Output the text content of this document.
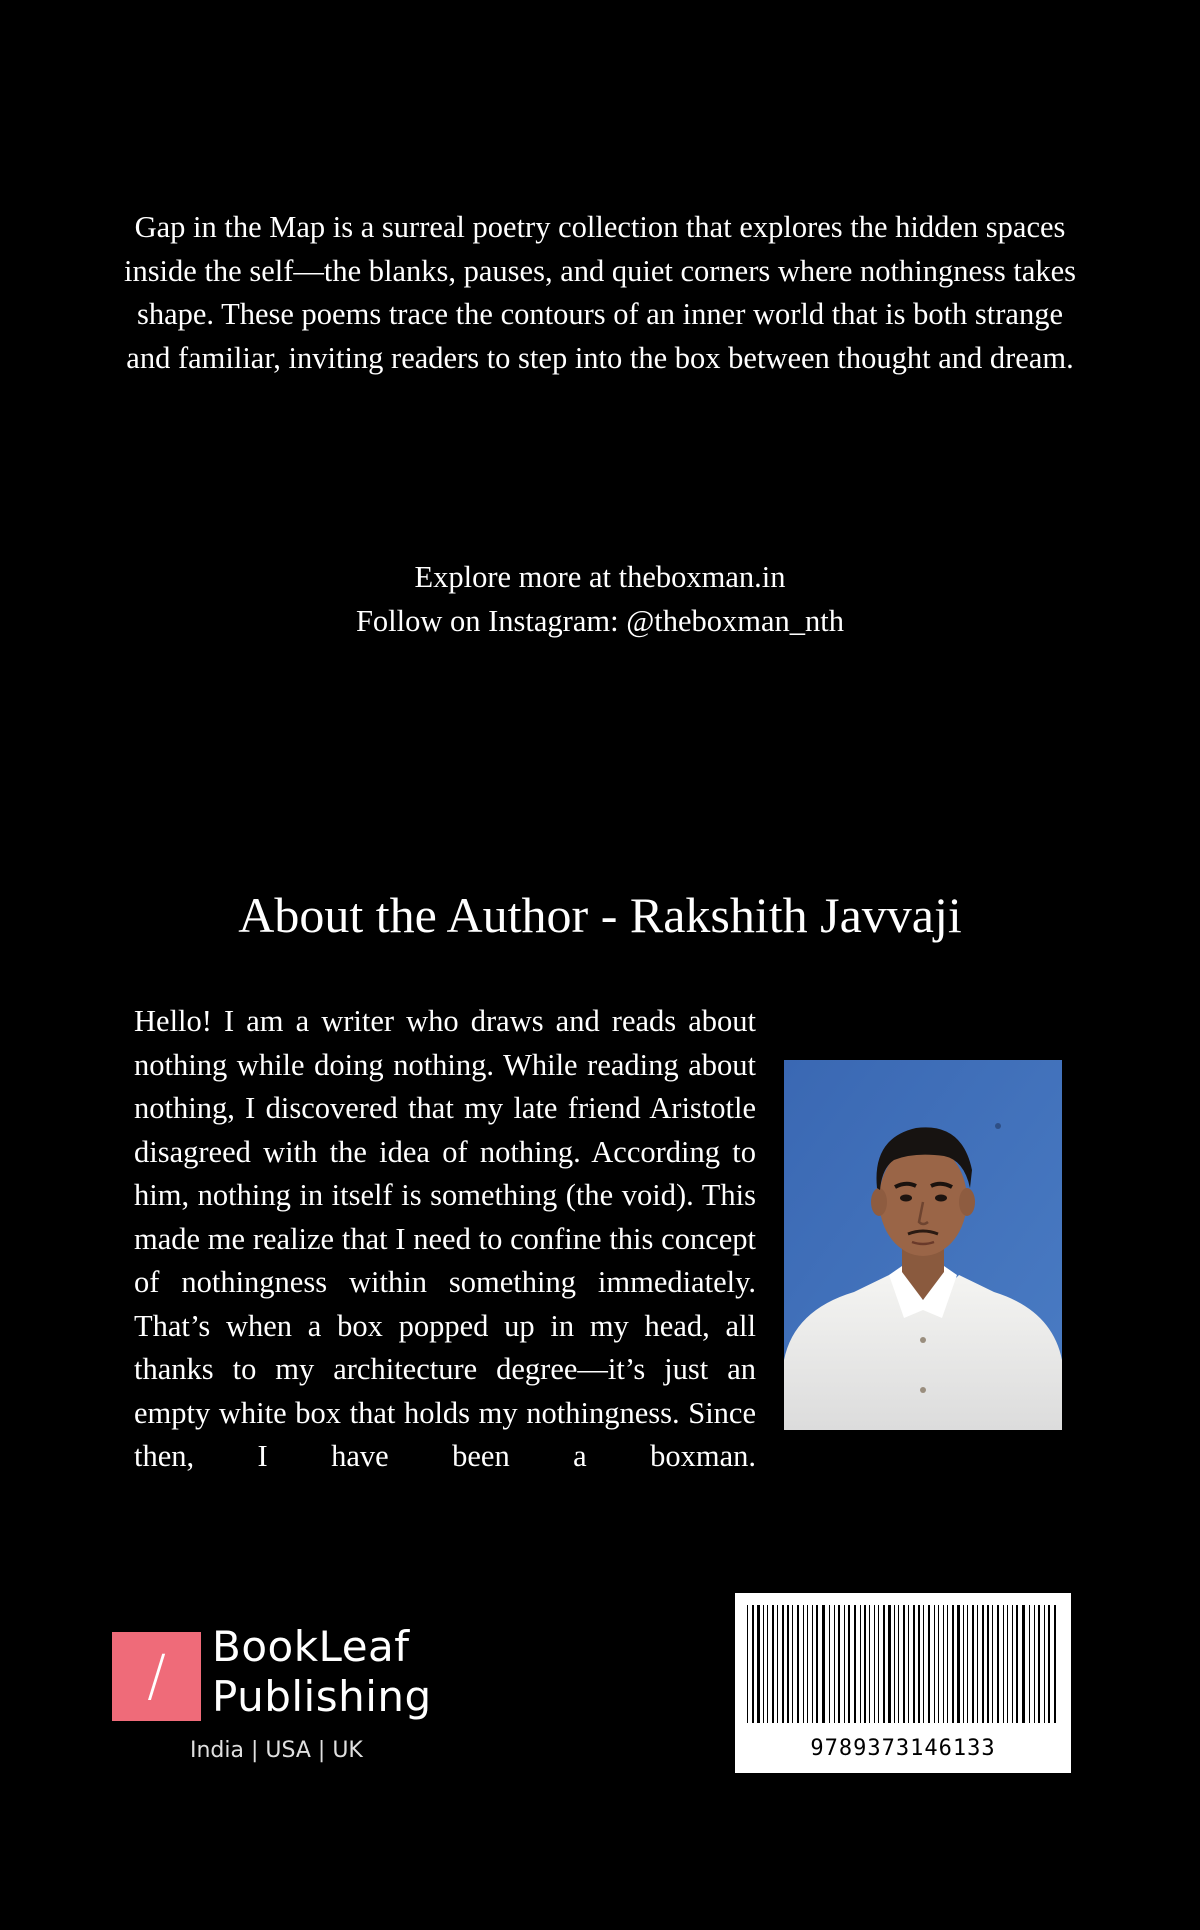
Gap in the Map is a surreal poetry collection that explores the hidden spaces inside the self—the blanks, pauses, and quiet corners where nothingness takes shape. These poems trace the contours of an inner world that is both strange and familiar, inviting readers to step into the box between thought and dream.

Explore more at theboxman.in
Follow on Instagram: @theboxman_nth
About the Author - Rakshith Javvaji

Hello! I am a writer who draws and reads about nothing while doing nothing. While reading about nothing, I discovered that my late friend Aristotle disagreed with the idea of nothing. According to him, nothing in itself is something (the void). This made me realize that I need to confine this concept of nothingness within something immediately. That’s when a box popped up in my head, all thanks to my architecture degree—it’s just an empty white box that holds my nothingness. Since then, I have been a boxman.

/	BookLeaf
Publishing
India | USA | UK	9789373146133
